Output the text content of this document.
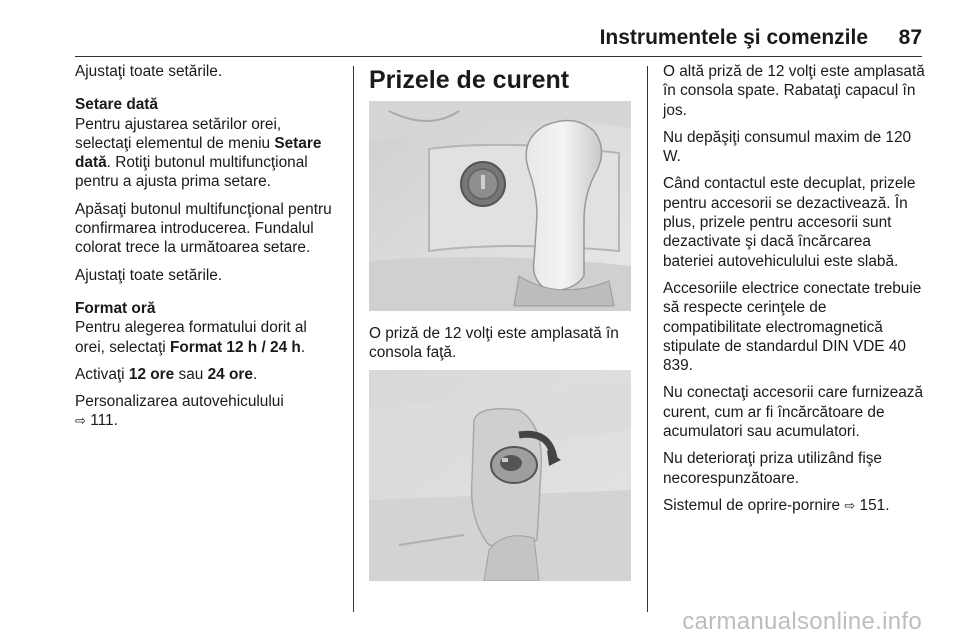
Instrumentele şi comenzile 87

Ajustaţi toate setările.

Setare dată

Pentru ajustarea setărilor orei, selectaţi elementul de meniu Setare dată. Rotiţi butonul multifuncţional pentru a ajusta prima setare.

Apăsaţi butonul multifuncţional pentru confirmarea introducerea. Fundalul colorat trece la următoarea setare.

Ajustaţi toate setările.

Format oră

Pentru alegerea formatului dorit al orei, selectaţi Format 12 h / 24 h.

Activaţi 12 ore sau 24 ore.

Personalizarea autovehiculului
⇨ 111.

Prizele de curent
O priză de 12 volţi este amplasată în consola faţă.

O altă priză de 12 volţi este amplasată în consola spate. Rabataţi capacul în jos.

Nu depăşiţi consumul maxim de 120 W.

Când contactul este decuplat, prizele pentru accesorii se dezactivează. În plus, prizele pentru accesorii sunt dezactivate şi dacă încărcarea bateriei autovehiculului este slabă.

Accesoriile electrice conectate trebuie să respecte cerinţele de compatibilitate electromagnetică stipulate de standardul DIN VDE 40 839.

Nu conectaţi accesorii care furnizează curent, cum ar fi încărcătoare de acumulatori sau acumulatori.

Nu deterioraţi priza utilizând fişe necorespunzătoare.

Sistemul de oprire-pornire ⇨ 151.

carmanualsonline.info
